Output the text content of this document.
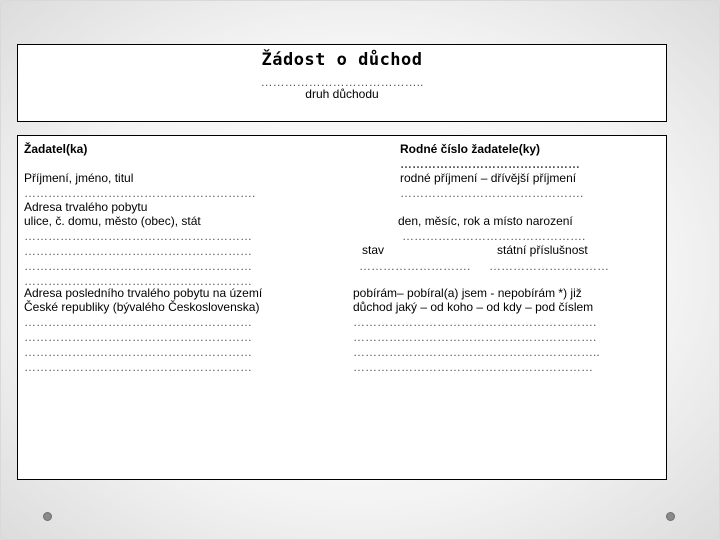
Žádost o důchod
…………………………………..
druh důchodu
Žadatel(ka)
Příjmení, jméno, titul
………………………………………………….
Adresa trvalého pobytu
ulice, č. domu, město (obec), stát
…………………………………………………
…………………………………………………
…………………………………………………
…………………………………………………
Adresa posledního trvalého pobytu na území
České republiky (bývalého Československa)
…………………………………………………
…………………………………………………
…………………………………………………
…………………………………………………
Rodné číslo žadatele(ky)
………………………………………
rodné příjmení – dřívější příjmení
……………………………………….
den, měsíc, rok a místo narození
……………………………………….
stav	státní příslušnost
………………………. …………………………
pobírám– pobíral(a) jsem - nepobírám *) již
důchod jaký – od koho – od kdy – pod číslem
…………………………………………………….
…………………………………………………….
……………………………………………………..
……………………………………………………
